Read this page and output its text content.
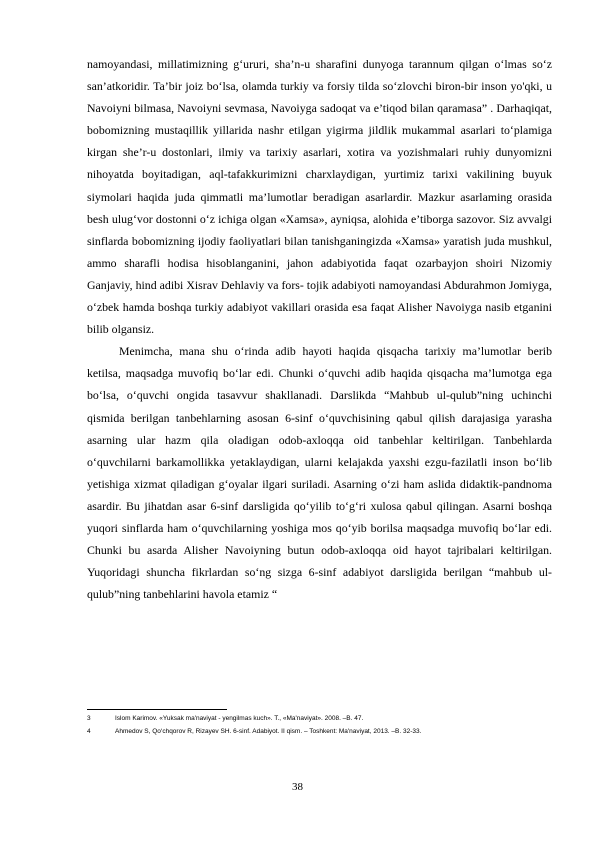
namoyandasi, millatimizning g‘ururi, sha’n-u sharafini dunyoga tarannum qilgan o‘lmas so‘z san’atkoridir. Ta’bir joiz bo‘lsa, olamda turkiy va forsiy tilda so‘zlovchi biron-bir inson yo'qki, u Navoiyni bilmasa, Navoiyni sevmasa, Navoiyga sadoqat va e’tiqod bilan qaramasa” . Darhaqiqat, bobomizning mustaqillik yillarida nashr etilgan yigirma jildlik mukammal asarlari to‘plamiga kirgan she’r-u dostonlari, ilmiy va tarixiy asarlari, xotira va yozishmalari ruhiy dunyomizni nihoyatda boyitadigan, aql-tafakkurimizni charxlaydigan, yurtimiz tarixi vakilining buyuk siymolari haqida juda qimmatli ma’lumotlar beradigan asarlardir. Mazkur asarlaming orasida besh ulug‘vor dostonni o‘z ichiga olgan «Xamsa», ayniqsa, alohida e’tiborga sazovor. Siz avvalgi sinflarda bobomizning ijodiy faoliyatlari bilan tanishganingizda «Xamsa» yaratish juda mushkul, ammo sharafli hodisa hisoblanganini, jahon adabiyotida faqat ozarbayjon shoiri Nizomiy Ganjaviy, hind adibi Xisrav Dehlaviy va fors- tojik adabiyoti namoyandasi Abdurahmon Jomiyga, o‘zbek hamda boshqa turkiy adabiyot vakillari orasida esa faqat Alisher Navoiyga nasib etganini bilib olgansiz.

Menimcha, mana shu o‘rinda adib hayoti haqida qisqacha tarixiy ma’lumotlar berib ketilsa, maqsadga muvofiq bo‘lar edi. Chunki o‘quvchi adib haqida qisqacha ma’lumotga ega bo‘lsa, o‘quvchi ongida tasavvur shakllanadi. Darslikda “Mahbub ul-qulub”ning uchinchi qismida berilgan tanbehlarning asosan 6-sinf o‘quvchisining qabul qilish darajasiga yarasha asarning ular hazm qila oladigan odob-axloqqa oid tanbehlar keltirilgan. Tanbehlarda o‘quvchilarni barkamollikka yetaklaydigan, ularni kelajakda yaxshi ezgu-fazilatli inson bo‘lib yetishiga xizmat qiladigan g‘oyalar ilgari suriladi. Asarning o‘zi ham aslida didaktik-pandnoma asardir. Bu jihatdan asar 6-sinf darsligida qo‘yilib to‘g‘ri xulosa qabul qilingan. Asarni boshqa yuqori sinflarda ham o‘quvchilarning yoshiga mos qo‘yib borilsa maqsadga muvofiq bo‘lar edi. Chunki bu asarda Alisher Navoiyning butun odob-axloqqa oid hayot tajribalari keltirilgan. Yuqoridagi shuncha fikrlardan so‘ng sizga 6-sinf adabiyot darsligida berilgan “mahbub ul-qulub”ning tanbehlarini havola etamiz “

3	Islom Karimov. «Yuksak ma'naviyat - yengilmas kuch». T., «Ma'naviyat». 2008. –B. 47.
4	Ahmedov S, Qo‘chqorov R, Rizayev SH. 6-sinf. Adabiyot. II qism. – Toshkent: Ma'naviyat, 2013. –B. 32-33.
38
